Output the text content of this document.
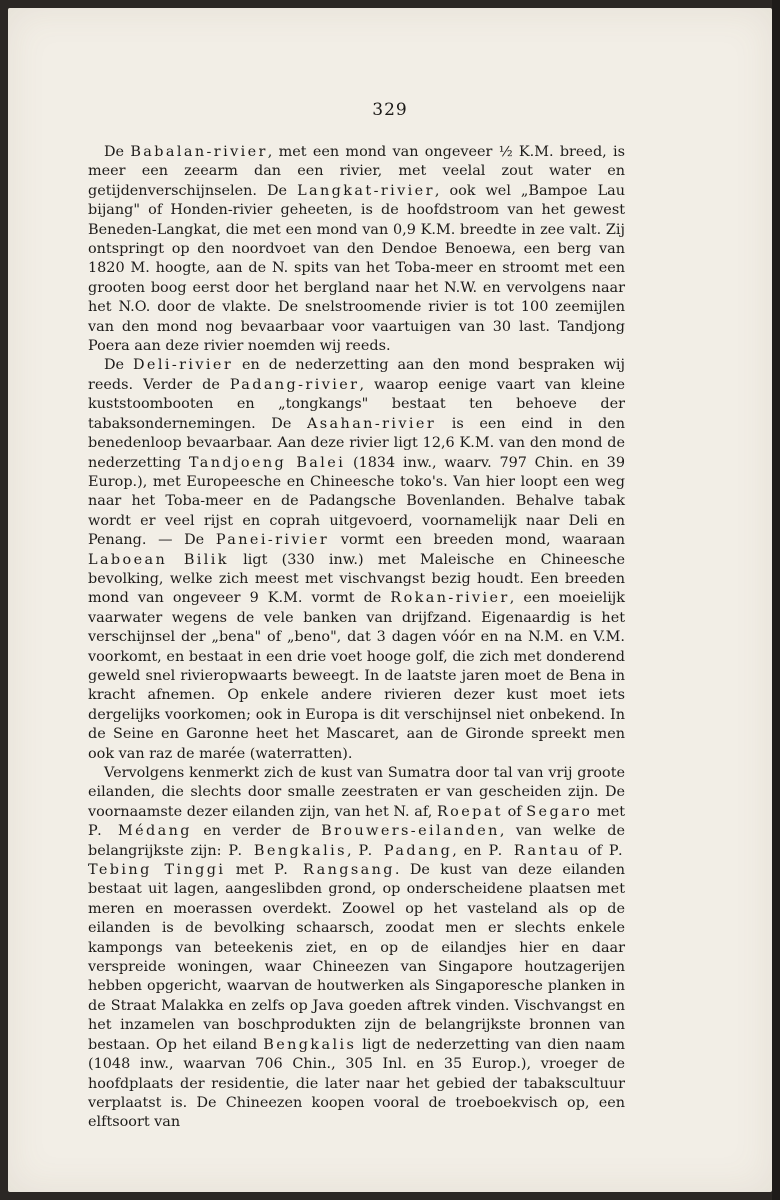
329

De Babalan-rivier, met een mond van ongeveer ½ K.M. breed, is meer een zeearm dan een rivier, met veelal zout water en getijdenverschijnselen. De Langkat-rivier, ook wel „Bampoe Lau bijang" of Honden-rivier geheeten, is de hoofdstroom van het gewest Beneden-Langkat, die met een mond van 0,9 K.M. breedte in zee valt. Zij ontspringt op den noordvoet van den Dendoe Benoewa, een berg van 1820 M. hoogte, aan de N. spits van het Toba-meer en stroomt met een grooten boog eerst door het bergland naar het N.W. en vervolgens naar het N.O. door de vlakte. De snelstroomende rivier is tot 100 zeemijlen van den mond nog bevaarbaar voor vaartuigen van 30 last. Tandjong Poera aan deze rivier noemden wij reeds.

De Deli-rivier en de nederzetting aan den mond bespraken wij reeds. Verder de Padang-rivier, waarop eenige vaart van kleine kuststoombooten en „tongkangs" bestaat ten behoeve der tabaksondernemingen. De Asahan-rivier is een eind in den benedenloop bevaarbaar. Aan deze rivier ligt 12,6 K.M. van den mond de nederzetting Tandjoeng Balei (1834 inw., waarv. 797 Chin. en 39 Europ.), met Europeesche en Chineesche toko's. Van hier loopt een weg naar het Toba-meer en de Padangsche Bovenlanden. Behalve tabak wordt er veel rijst en coprah uitgevoerd, voornamelijk naar Deli en Penang. — De Panei-rivier vormt een breeden mond, waaraan Laboean Bilik ligt (330 inw.) met Maleische en Chineesche bevolking, welke zich meest met vischvangst bezig houdt. Een breeden mond van ongeveer 9 K.M. vormt de Rokan-rivier, een moeielijk vaarwater wegens de vele banken van drijfzand. Eigenaardig is het verschijnsel der „bena" of „beno", dat 3 dagen vóór en na N.M. en V.M. voorkomt, en bestaat in een drie voet hooge golf, die zich met donderend geweld snel rivieropwaarts beweegt. In de laatste jaren moet de Bena in kracht afnemen. Op enkele andere rivieren dezer kust moet iets dergelijks voorkomen; ook in Europa is dit verschijnsel niet onbekend. In de Seine en Garonne heet het Mascaret, aan de Gironde spreekt men ook van raz de marée (waterratten).

Vervolgens kenmerkt zich de kust van Sumatra door tal van vrij groote eilanden, die slechts door smalle zeestraten er van gescheiden zijn. De voornaamste dezer eilanden zijn, van het N. af, Roepat of Segaro met P. Médang en verder de Brouwers-eilanden, van welke de belangrijkste zijn: P. Bengkalis, P. Padang, en P. Rantau of P. Tebing Tinggi met P. Rangsang. De kust van deze eilanden bestaat uit lagen, aangeslibden grond, op onderscheidene plaatsen met meren en moerassen overdekt. Zoowel op het vasteland als op de eilanden is de bevolking schaarsch, zoodat men er slechts enkele kampongs van beteekenis ziet, en op de eilandjes hier en daar verspreide woningen, waar Chineezen van Singapore houtzagerijen hebben opgericht, waarvan de houtwerken als Singaporesche planken in de Straat Malakka en zelfs op Java goeden aftrek vinden. Vischvangst en het inzamelen van boschprodukten zijn de belangrijkste bronnen van bestaan. Op het eiland Bengkalis ligt de nederzetting van dien naam (1048 inw., waarvan 706 Chin., 305 Inl. en 35 Europ.), vroeger de hoofdplaats der residentie, die later naar het gebied der tabakscultuur verplaatst is. De Chineezen koopen vooral de troeboekvisch op, een elftsoort van
